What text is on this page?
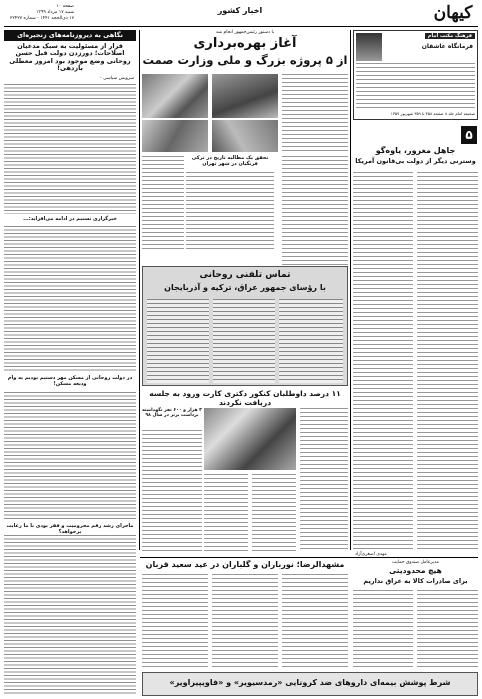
صفحه ۱۰
شنبه ۱۷ مرداد ۱۳۹۹
۱۷ ذی‌الحجه ۱۴۴۱ - شماره ۲۲۴۲۷
اخبار کشور	کیهان
نگاهی به دیروزنامه‌های زنجیره‌ای
قرار از مسئولیت به سبک مدعیان اصلاحات؛ دورزدن دولت قبل حسن روحانی وضع موجود بود امروز معطلی بازدهی!
سرویس سیاسی -
خبرگزاری تسنیم در ادامه می‌افزاید:...
در دولت روحانی از مسکن مهر دستیم بودیم به وام ودیعه مسکن!
ماجرای رشد رقم محرومیت و فقر بودی با ما رعایت برخواهد؟
با دستور رئیس‌جمهور انجام شد
آغاز بهره‌برداری
از ۵ پروژه بزرگ و ملی وزارت صمت
تحقق یک مطالبه تاریخ در ترکی فرنگیان در شهر تهران
تماس تلفنی روحانی
با رؤسای جمهور عراق، ترکیه و آذربایجان
۱۱ درصد داوطلبان کنکور دکتری کارت ورود به جلسه دریافت نکردند
۳ هزار و ۶۰۰ نفر نگهداشته برداشت برتر در سال ۹۸
فرهنگ مکتب امام
فرمانگاه عاشقان
صحیفه امام جلد ۸ صفحه ۳۵۸ تا ۳۵۹ شهریور ۱۳۵۷
۵
جاهل مغرور، یاوه‌گو
وسترنی دیگر از دولت بی‌قانون آمریکا
مهدی اصغری‌آزاد
مشهدالرضا؛ نورباران و گلباران در عید سعید قربان	مدیرعامل صندوق حمایت
هیچ محدودیتی
برای صادرات کالا به عراق نداریم
شرط پوشش بیمه‌ای داروهای ضد کرونایی «رمدسیویر» و «فاویپیراویر»
